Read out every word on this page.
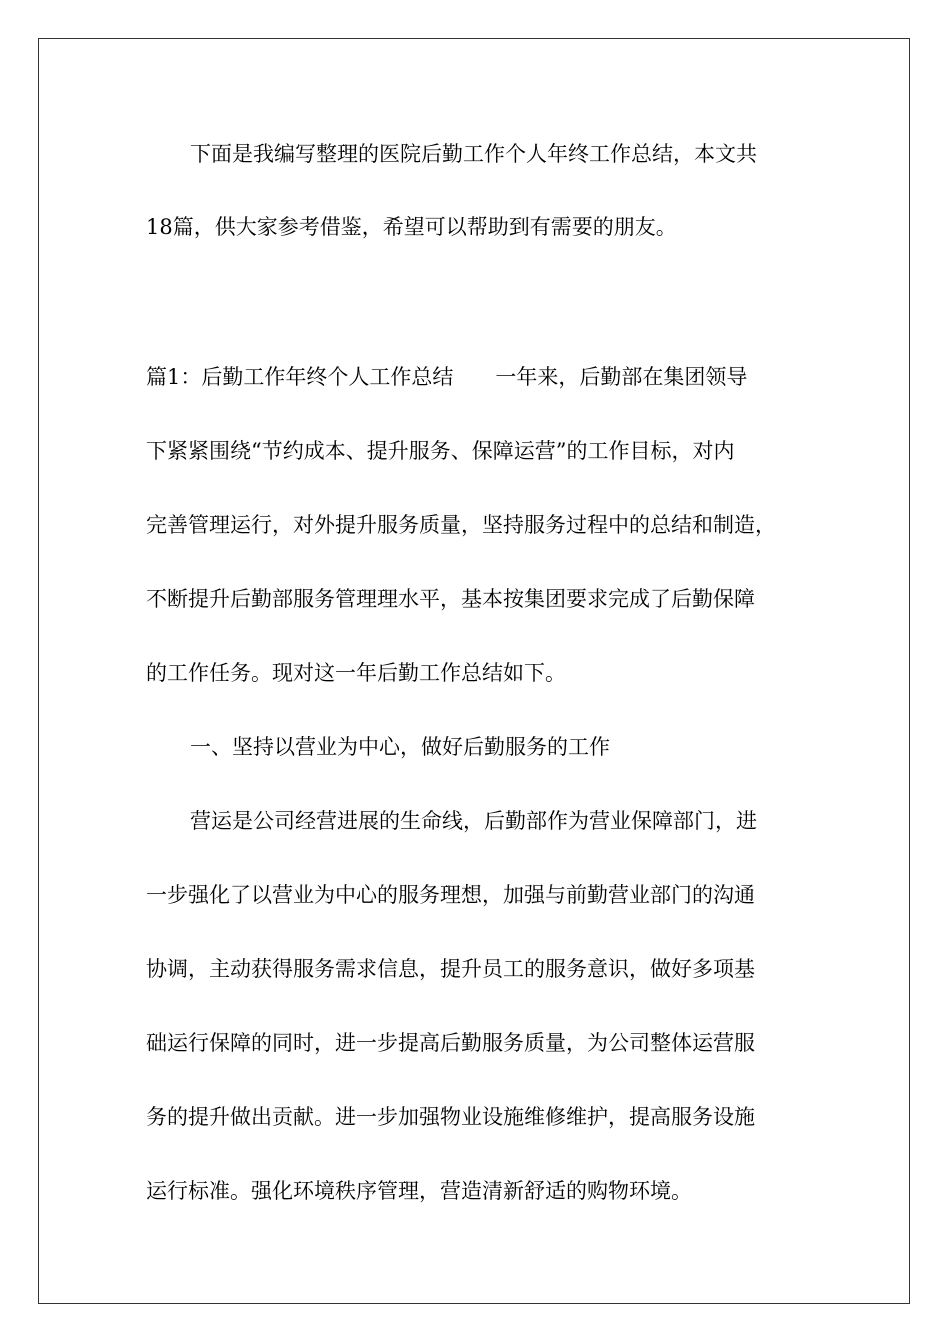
下面是我编写整理的医院后勤工作个人年终工作总结，本文共

18篇，供大家参考借鉴，希望可以帮助到有需要的朋友。

篇1：后勤工作年终个人工作总结　　一年来，后勤部在集团领导

下紧紧围绕“节约成本、提升服务、保障运营”的工作目标，对内

完善管理运行，对外提升服务质量，坚持服务过程中的总结和制造，

不断提升后勤部服务管理理水平，基本按集团要求完成了后勤保障

的工作任务。现对这一年后勤工作总结如下。

一、坚持以营业为中心，做好后勤服务的工作

营运是公司经营进展的生命线，后勤部作为营业保障部门，进

一步强化了以营业为中心的服务理想，加强与前勤营业部门的沟通

协调，主动获得服务需求信息，提升员工的服务意识，做好多项基

础运行保障的同时，进一步提高后勤服务质量，为公司整体运营服

务的提升做出贡献。进一步加强物业设施维修维护，提高服务设施

运行标准。强化环境秩序管理，营造清新舒适的购物环境。
